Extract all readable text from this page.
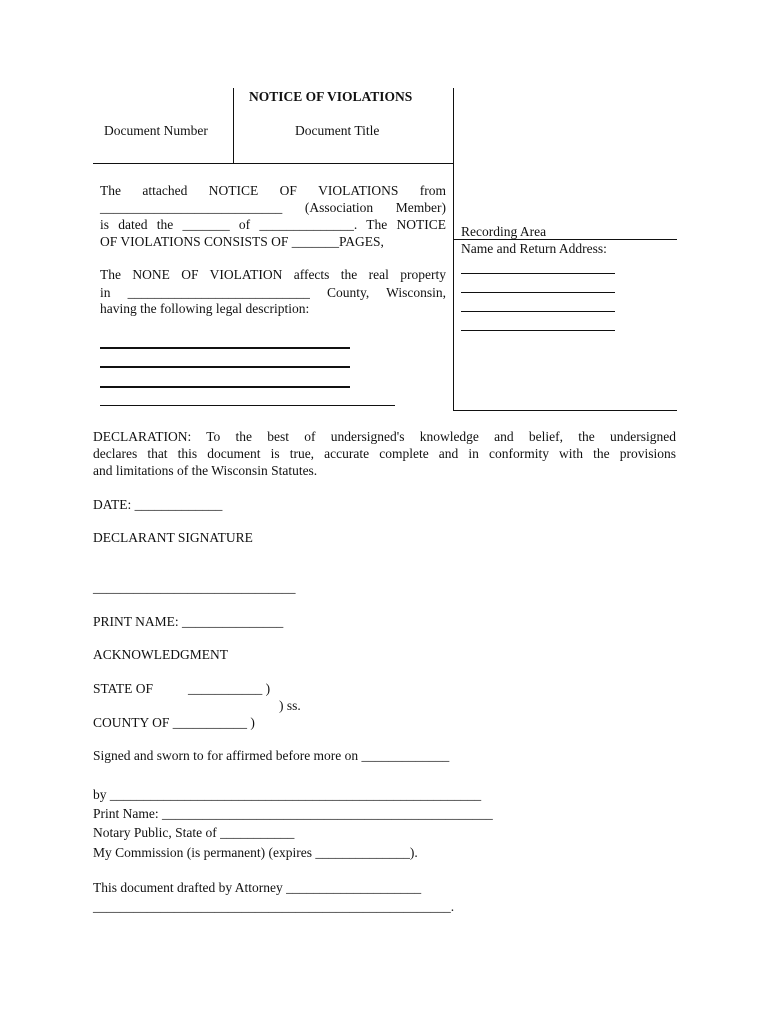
NOTICE OF VIOLATIONS
Document Number	Document Title
The attached NOTICE OF VIOLATIONS from
___________________________ (Association Member)
is dated the _______ of ______________. The NOTICE
OF VIOLATIONS CONSISTS OF _______PAGES,
The NONE OF VIOLATION affects the real property
in ___________________________ County, Wisconsin,
having the following legal description:
Recording Area
Name and Return Address:
DECLARATION: To the best of undersigned's knowledge and belief, the undersigned
declares that this document is true, accurate complete and in conformity with the provisions
and limitations of the Wisconsin Statutes.
DATE: _____________
DECLARANT SIGNATURE
______________________________
PRINT NAME: _______________
ACKNOWLEDGMENT
STATE OF	___________ )
) ss.
COUNTY OF ___________ )
Signed and sworn to for affirmed before more on _____________
by _______________________________________________________
Print Name: _________________________________________________
Notary Public, State of ___________
My Commission (is permanent) (expires ______________).
This document drafted by Attorney ____________________
_____________________________________________________.
